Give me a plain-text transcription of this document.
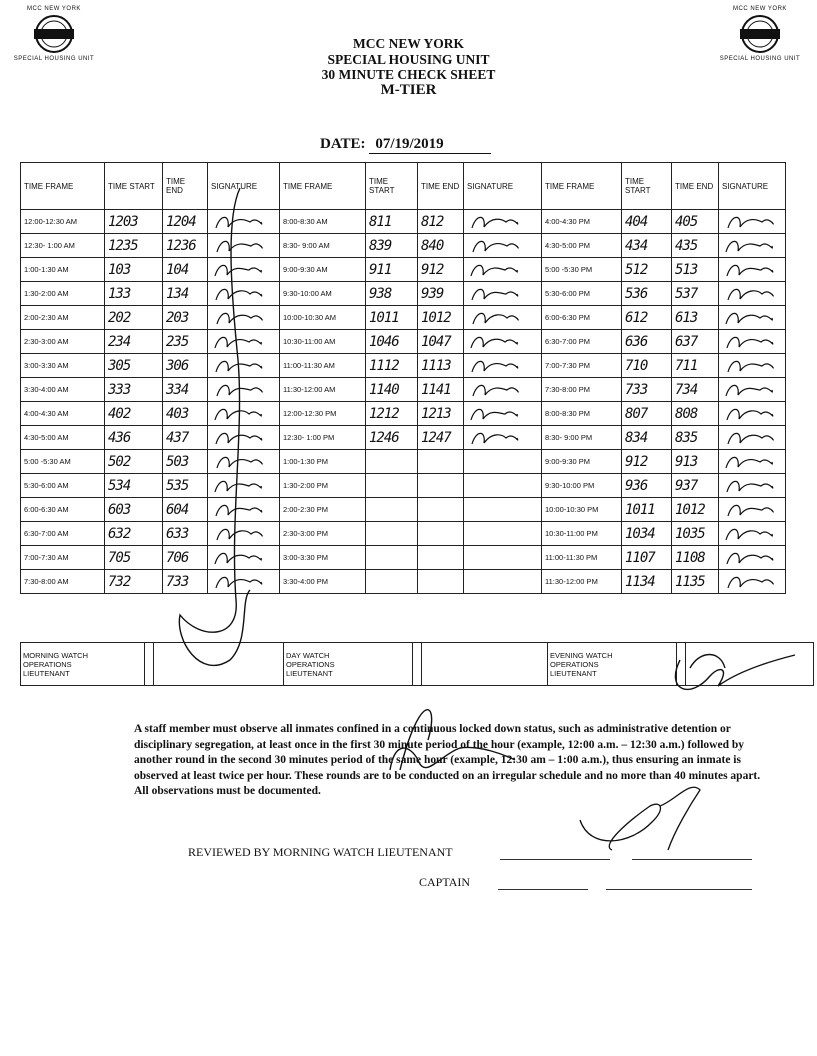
MCC NEW YORK
SPECIAL HOUSING UNIT
MCC NEW YORK
SPECIAL HOUSING UNIT
MCC NEW YORK
SPECIAL HOUSING UNIT
30 MINUTE CHECK SHEET
M-TIER
DATE: 07/19/2019
TIME FRAME	TIME START	TIME END	SIGNATURE	TIME FRAME	TIME START	TIME END	SIGNATURE	TIME FRAME	TIME START	TIME END	SIGNATURE
12:00-12:30 AM	1203	1204		8:00-8:30 AM	811	812		4:00-4:30 PM	404	405	

12:30- 1:00 AM	1235	1236		8:30- 9:00 AM	839	840		4:30-5:00 PM	434	435	

1:00-1:30 AM	103	104		9:00-9:30 AM	911	912		5:00 -5:30 PM	512	513	

1:30-2:00 AM	133	134		9:30-10:00 AM	938	939		5:30-6:00 PM	536	537	

2:00-2:30 AM	202	203		10:00-10:30 AM	1011	1012		6:00-6:30 PM	612	613	

2:30-3:00 AM	234	235		10:30-11:00 AM	1046	1047		6:30-7:00 PM	636	637	

3:00-3:30 AM	305	306		11:00-11:30 AM	1112	1113		7:00-7:30 PM	710	711	

3:30-4:00 AM	333	334		11:30-12:00 AM	1140	1141		7:30-8:00 PM	733	734	

4:00-4:30 AM	402	403		12:00-12:30 PM	1212	1213		8:00-8:30 PM	807	808	

4:30-5:00 AM	436	437		12:30- 1:00 PM	1246	1247		8:30- 9:00 PM	834	835	

5:00 -5:30 AM	502	503		1:00-1:30 PM				9:00-9:30 PM	912	913	

5:30-6:00 AM	534	535		1:30-2:00 PM				9:30-10:00 PM	936	937	

6:00-6:30 AM	603	604		2:00-2:30 PM				10:00-10:30 PM	1011	1012	

6:30-7:00 AM	632	633		2:30-3:00 PM				10:30-11:00 PM	1034	1035	

7:00-7:30 AM	705	706		3:00-3:30 PM				11:00-11:30 PM	1107	1108	

7:30-8:00 AM	732	733		3:30-4:00 PM				11:30-12:00 PM	1134	1135	
MORNING WATCH
OPERATIONS
LIEUTENANT

DAY WATCH
OPERATIONS
LIEUTENANT

EVENING WATCH
OPERATIONS
LIEUTENANT

A staff member must observe all inmates confined in a continuous locked down status, such as administrative detention or disciplinary segregation, at least once in the first 30 minute period of the hour (example, 12:00 a.m. – 12:30 a.m.) followed by another round in the second 30 minutes period of the same hour (example, 12:30 am – 1:00 a.m.), thus ensuring an inmate is observed at least twice per hour. These rounds are to be conducted on an irregular schedule and no more than 40 minutes apart. All observations must be documented.
REVIEWED BY MORNING WATCH LIEUTENANT
CAPTAIN
